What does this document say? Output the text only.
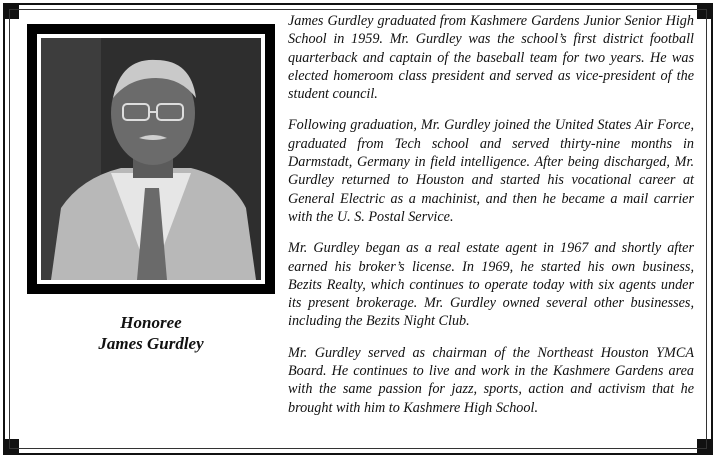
Honoree
James Gurdley

James Gurdley graduated from Kashmere Gardens Junior Senior High School in 1959. Mr. Gurdley was the school’s first district football quarterback and captain of the baseball team for two years. He was elected homeroom class president and served as vice-president of the student council.

Following graduation, Mr. Gurdley joined the United States Air Force, graduated from Tech school and served thirty-nine months in Darmstadt, Germany in field intelligence. After being discharged, Mr. Gurdley returned to Houston and started his vocational career at General Electric as a machinist, and then he became a mail carrier with the U. S. Postal Service.

Mr. Gurdley began as a real estate agent in 1967 and shortly after earned his broker’s license. In 1969, he started his own business, Bezits Realty, which continues to operate today with six agents under its present brokerage. Mr. Gurdley owned several other businesses, including the Bezits Night Club.

Mr. Gurdley served as chairman of the Northeast Houston YMCA Board. He continues to live and work in the Kashmere Gardens area with the same passion for jazz, sports, action and activism that he brought with him to Kashmere High School.
